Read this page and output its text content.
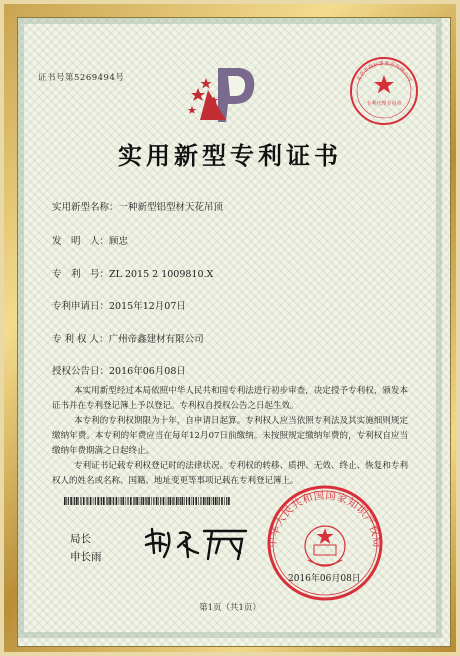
证书号第5269494号
专利代理专用章
北京市商标事务所有限公司
实用新型专利证书
实用新型名称：一种新型铝型材天花吊顶
发　明　人：顾忠
专　利　号：ZL 2015 2 1009810.X
专利申请日：2015年12月07日
专 利 权 人：广州帝鑫建材有限公司
授权公告日：2016年06月08日
本实用新型经过本局依照中华人民共和国专利法进行初步审查，决定授予专利权，颁发本证书并在专利登记簿上予以登记。专利权自授权公告之日起生效。
本专利的专利权期限为十年，自申请日起算。专利权人应当依照专利法及其实施细则规定缴纳年费。本专利的年费应当在每年12月07日前缴纳。未按照规定缴纳年费的，专利权自应当缴纳年费期满之日起终止。
专利证书记载专利权登记时的法律状况。专利权的转移、质押、无效、终止、恢复和专利权人的姓名或名称、国籍、地址变更等事项记载在专利登记簿上。
局长
申长雨
中华人民共和国国家知识产权局
2016年06月08日
第1页（共1页）
